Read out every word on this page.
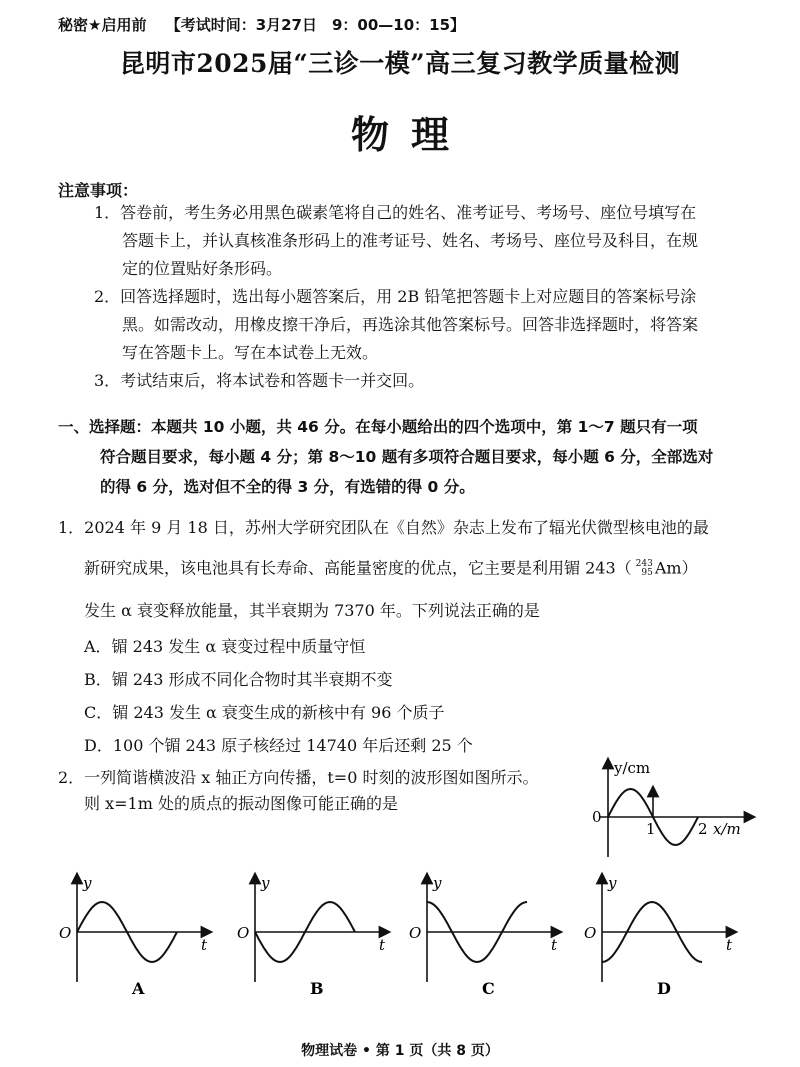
秘密★启用前 【考试时间：3月27日　9：00—10：15】
昆明市2025届“三诊一模”高三复习教学质量检测
物理
注意事项：
1．答卷前，考生务必用黑色碳素笔将自己的姓名、准考证号、考场号、座位号填写在
答题卡上，并认真核准条形码上的准考证号、姓名、考场号、座位号及科目，在规
定的位置贴好条形码。
2．回答选择题时，选出每小题答案后，用 2B 铅笔把答题卡上对应题目的答案标号涂
黑。如需改动，用橡皮擦干净后，再选涂其他答案标号。回答非选择题时，将答案
写在答题卡上。写在本试卷上无效。
3．考试结束后，将本试卷和答题卡一并交回。
一、选择题：本题共 10 小题，共 46 分。在每小题给出的四个选项中，第 1～7 题只有一项
符合题目要求，每小题 4 分；第 8～10 题有多项符合题目要求，每小题 6 分，全部选对
的得 6 分，选对但不全的得 3 分，有选错的得 0 分。
1．2024 年 9 月 18 日，苏州大学研究团队在《自然》杂志上发布了辐光伏微型核电池的最
新研究成果，该电池具有长寿命、高能量密度的优点，它主要是利用镅 243（ 243
95 Am）
发生 α 衰变释放能量，其半衰期为 7370 年。下列说法正确的是
A．镅 243 发生 α 衰变过程中质量守恒
B．镅 243 形成不同化合物时其半衰期不变
C．镅 243 发生 α 衰变生成的新核中有 96 个质子
D．100 个镅 243 原子核经过 14740 年后还剩 25 个
2．一列简谐横波沿 x 轴正方向传播，t=0 时刻的波形图如图所示。
则 x=1m 处的质点的振动图像可能正确的是
y/cm
0
1	2 x/m
y
O
t
A
y
O
t
B
y
O
t
C
y
O
t
D
物理试卷 • 第 1 页（共 8 页）
